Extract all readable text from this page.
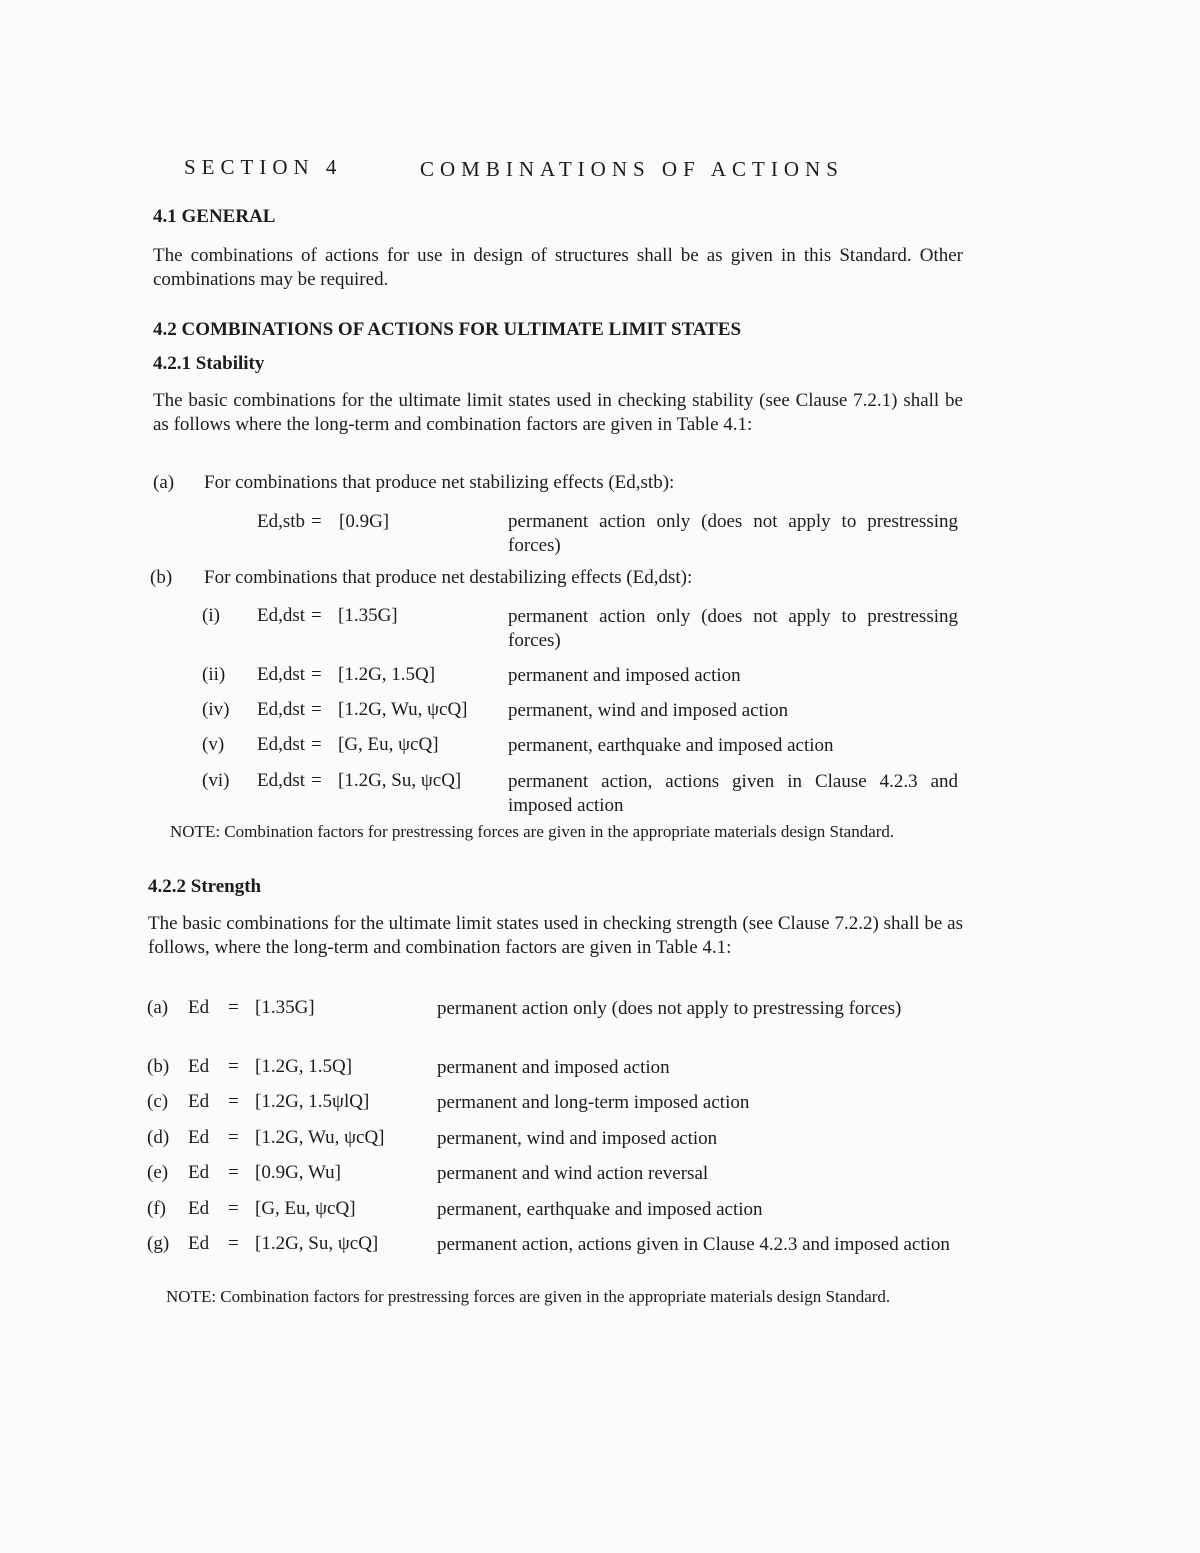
SECTION 4	COMBINATIONS OF ACTIONS
4.1 GENERAL
The combinations of actions for use in design of structures shall be as given in this Standard. Other combinations may be required.
4.2 COMBINATIONS OF ACTIONS FOR ULTIMATE LIMIT STATES
4.2.1 Stability
The basic combinations for the ultimate limit states used in checking stability (see Clause 7.2.1) shall be as follows where the long-term and combination factors are given in Table 4.1:
(a) For combinations that produce net stabilizing effects (Ed,stb):
Ed,stb = [0.9G]	permanent action only (does not apply to prestressing forces)
(b) For combinations that produce net destabilizing effects (Ed,dst):
(i) Ed,dst = [1.35G]	permanent action only (does not apply to prestressing forces)
(ii) Ed,dst = [1.2G, 1.5Q]	permanent and imposed action
(iv) Ed,dst = [1.2G, Wu, ψcQ] permanent, wind and imposed action
(v) Ed,dst = [G, Eu, ψcQ]	permanent, earthquake and imposed action
(vi) Ed,dst = [1.2G, Su, ψcQ] permanent action, actions given in Clause 4.2.3 and imposed action
NOTE: Combination factors for prestressing forces are given in the appropriate materials design Standard.
4.2.2 Strength
The basic combinations for the ultimate limit states used in checking strength (see Clause 7.2.2) shall be as follows, where the long-term and combination factors are given in Table 4.1:
(a) Ed = [1.35G]	permanent action only (does not apply to prestressing forces)
(b) Ed = [1.2G, 1.5Q]	permanent and imposed action
(c) Ed = [1.2G, 1.5ψlQ]	permanent and long-term imposed action
(d) Ed = [1.2G, Wu, ψcQ]	permanent, wind and imposed action
(e) Ed = [0.9G, Wu]	permanent and wind action reversal
(f) Ed = [G, Eu, ψcQ]	permanent, earthquake and imposed action
(g) Ed = [1.2G, Su, ψcQ]	permanent action, actions given in Clause 4.2.3 and imposed action
NOTE: Combination factors for prestressing forces are given in the appropriate materials design Standard.
